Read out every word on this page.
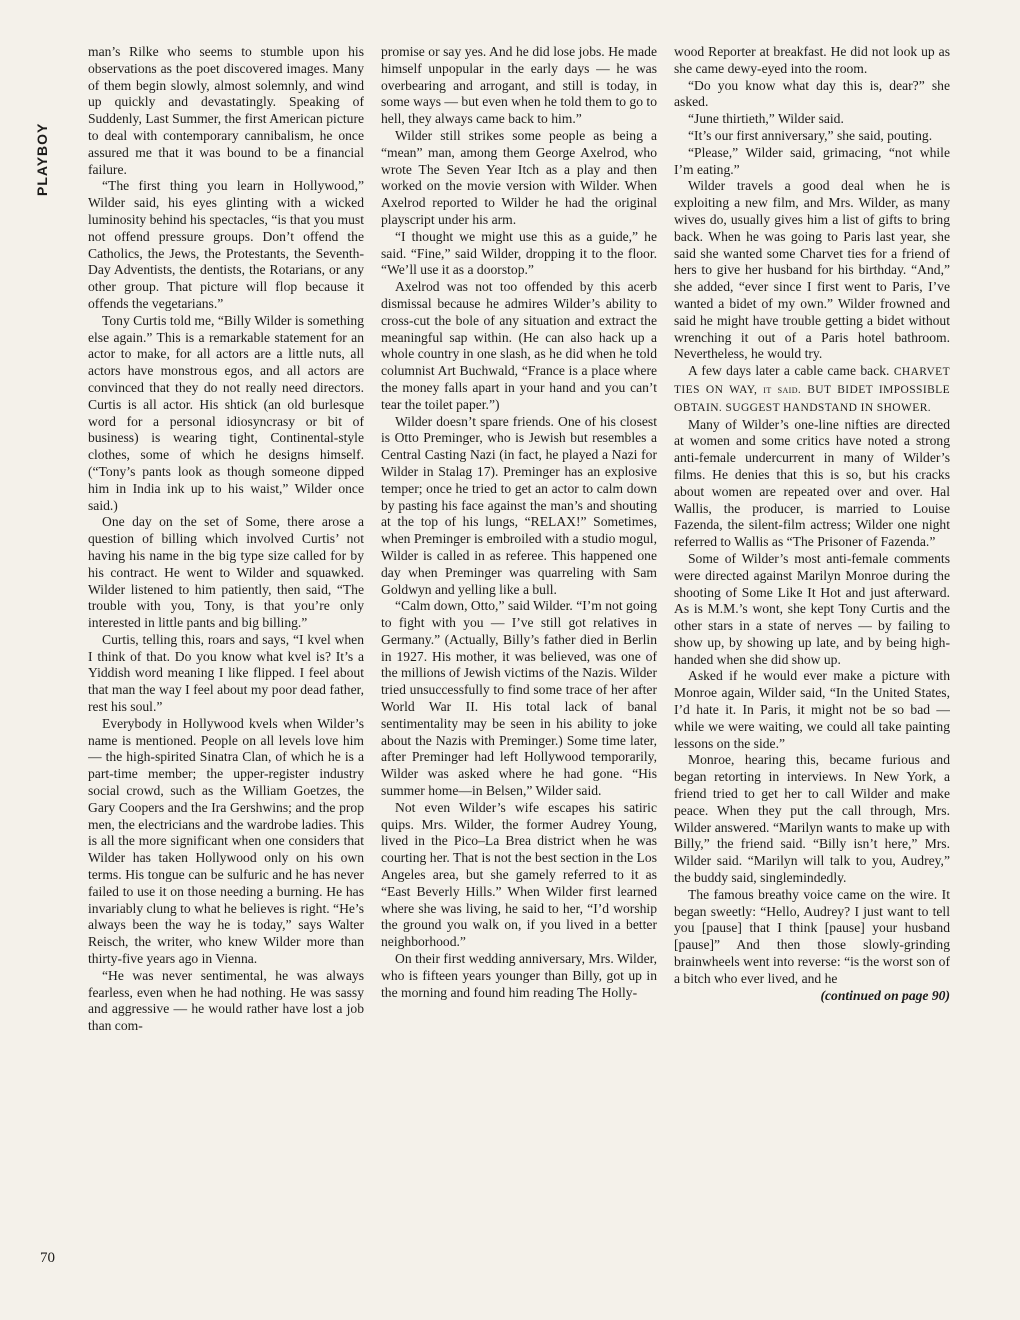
PLAYBOY
70

man’s Rilke who seems to stumble upon his observations as the poet discovered images. Many of them begin slowly, almost solemnly, and wind up quickly and devastatingly. Speaking of Suddenly, Last Summer, the first American picture to deal with contemporary cannibalism, he once assured me that it was bound to be a financial failure.

“The first thing you learn in Hollywood,” Wilder said, his eyes glinting with a wicked luminosity behind his spectacles, “is that you must not offend pressure groups. Don’t offend the Catholics, the Jews, the Protestants, the Seventh-Day Adventists, the dentists, the Rotarians, or any other group. That picture will flop because it offends the vegetarians.”

Tony Curtis told me, “Billy Wilder is something else again.” This is a remarkable statement for an actor to make, for all actors are a little nuts, all actors have monstrous egos, and all actors are convinced that they do not really need directors. Curtis is all actor. His shtick (an old burlesque word for a personal idiosyncrasy or bit of business) is wearing tight, Continental-style clothes, some of which he designs himself. (“Tony’s pants look as though someone dipped him in India ink up to his waist,” Wilder once said.)

One day on the set of Some, there arose a question of billing which involved Curtis’ not having his name in the big type size called for by his contract. He went to Wilder and squawked. Wilder listened to him patiently, then said, “The trouble with you, Tony, is that you’re only interested in little pants and big billing.”

Curtis, telling this, roars and says, “I kvel when I think of that. Do you know what kvel is? It’s a Yiddish word meaning I like flipped. I feel about that man the way I feel about my poor dead father, rest his soul.”

Everybody in Hollywood kvels when Wilder’s name is mentioned. People on all levels love him — the high-spirited Sinatra Clan, of which he is a part-time member; the upper-register industry social crowd, such as the William Goetzes, the Gary Coopers and the Ira Gershwins; and the prop men, the electricians and the wardrobe ladies. This is all the more significant when one considers that Wilder has taken Hollywood only on his own terms. His tongue can be sulfuric and he has never failed to use it on those needing a burning. He has invariably clung to what he believes is right. “He’s always been the way he is today,” says Walter Reisch, the writer, who knew Wilder more than thirty-five years ago in Vienna.

“He was never sentimental, he was always fearless, even when he had nothing. He was sassy and aggressive — he would rather have lost a job than com-

promise or say yes. And he did lose jobs. He made himself unpopular in the early days — he was overbearing and arrogant, and still is today, in some ways — but even when he told them to go to hell, they always came back to him.”

Wilder still strikes some people as being a “mean” man, among them George Axelrod, who wrote The Seven Year Itch as a play and then worked on the movie version with Wilder. When Axelrod reported to Wilder he had the original playscript under his arm.

“I thought we might use this as a guide,” he said. “Fine,” said Wilder, dropping it to the floor. “We’ll use it as a doorstop.”

Axelrod was not too offended by this acerb dismissal because he admires Wilder’s ability to cross-cut the bole of any situation and extract the meaningful sap within. (He can also hack up a whole country in one slash, as he did when he told columnist Art Buchwald, “France is a place where the money falls apart in your hand and you can’t tear the toilet paper.”)

Wilder doesn’t spare friends. One of his closest is Otto Preminger, who is Jewish but resembles a Central Casting Nazi (in fact, he played a Nazi for Wilder in Stalag 17). Preminger has an explosive temper; once he tried to get an actor to calm down by pasting his face against the man’s and shouting at the top of his lungs, “RELAX!” Sometimes, when Preminger is embroiled with a studio mogul, Wilder is called in as referee. This happened one day when Preminger was quarreling with Sam Goldwyn and yelling like a bull.

“Calm down, Otto,” said Wilder. “I’m not going to fight with you — I’ve still got relatives in Germany.” (Actually, Billy’s father died in Berlin in 1927. His mother, it was believed, was one of the millions of Jewish victims of the Nazis. Wilder tried unsuccessfully to find some trace of her after World War II. His total lack of banal sentimentality may be seen in his ability to joke about the Nazis with Preminger.) Some time later, after Preminger had left Hollywood temporarily, Wilder was asked where he had gone. “His summer home—in Belsen,” Wilder said.

Not even Wilder’s wife escapes his satiric quips. Mrs. Wilder, the former Audrey Young, lived in the Pico–La Brea district when he was courting her. That is not the best section in the Los Angeles area, but she gamely referred to it as “East Beverly Hills.” When Wilder first learned where she was living, he said to her, “I’d worship the ground you walk on, if you lived in a better neighborhood.”

On their first wedding anniversary, Mrs. Wilder, who is fifteen years younger than Billy, got up in the morning and found him reading The Holly-

wood Reporter at breakfast. He did not look up as she came dewy-eyed into the room.

“Do you know what day this is, dear?” she asked.

“June thirtieth,” Wilder said.

“It’s our first anniversary,” she said, pouting.

“Please,” Wilder said, grimacing, “not while I’m eating.”

Wilder travels a good deal when he is exploiting a new film, and Mrs. Wilder, as many wives do, usually gives him a list of gifts to bring back. When he was going to Paris last year, she said she wanted some Charvet ties for a friend of hers to give her husband for his birthday. “And,” she added, “ever since I first went to Paris, I’ve wanted a bidet of my own.” Wilder frowned and said he might have trouble getting a bidet without wrenching it out of a Paris hotel bathroom. Nevertheless, he would try.

A few days later a cable came back. CHARVET TIES ON WAY, it said. BUT BIDET IMPOSSIBLE OBTAIN. SUGGEST HANDSTAND IN SHOWER.

Many of Wilder’s one-line nifties are directed at women and some critics have noted a strong anti-female undercurrent in many of Wilder’s films. He denies that this is so, but his cracks about women are repeated over and over. Hal Wallis, the producer, is married to Louise Fazenda, the silent-film actress; Wilder one night referred to Wallis as “The Prisoner of Fazenda.”

Some of Wilder’s most anti-female comments were directed against Marilyn Monroe during the shooting of Some Like It Hot and just afterward. As is M.M.’s wont, she kept Tony Curtis and the other stars in a state of nerves — by failing to show up, by showing up late, and by being high-handed when she did show up.

Asked if he would ever make a picture with Monroe again, Wilder said, “In the United States, I’d hate it. In Paris, it might not be so bad — while we were waiting, we could all take painting lessons on the side.”

Monroe, hearing this, became furious and began retorting in interviews. In New York, a friend tried to get her to call Wilder and make peace. When they put the call through, Mrs. Wilder answered. “Marilyn wants to make up with Billy,” the friend said. “Billy isn’t here,” Mrs. Wilder said. “Marilyn will talk to you, Audrey,” the buddy said, singlemindedly.

The famous breathy voice came on the wire. It began sweetly: “Hello, Audrey? I just want to tell you [pause] that I think [pause] your husband [pause]” And then those slowly-grinding brainwheels went into reverse: “is the worst son of a bitch who ever lived, and he

(continued on page 90)
